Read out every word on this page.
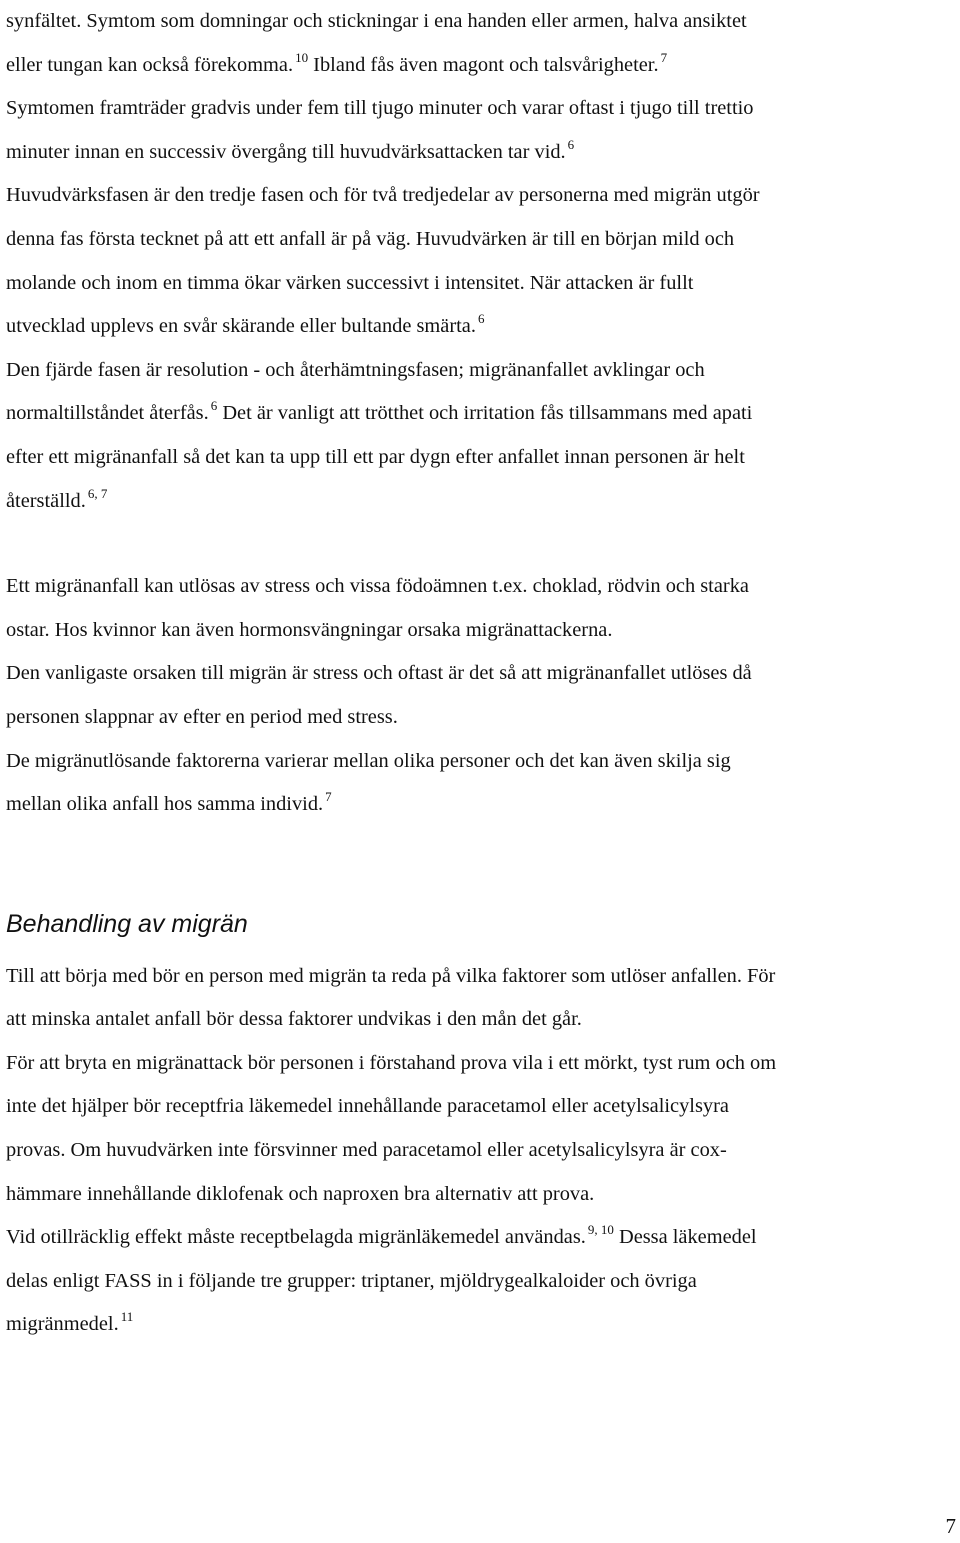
synfältet. Symtom som domningar och stickningar i ena handen eller armen, halva ansiktet
eller tungan kan också förekomma. $^{10}$ Ibland fås även magont och talsvårigheter. $^7$
Symtomen framträder gradvis under fem till tjugo minuter och varar oftast i tjugo till trettio
minuter innan en successiv övergång till huvudvärksattacken tar vid. $^6$
Huvudvärksfasen är den tredje fasen och för två tredjedelar av personerna med migrän utgör
denna fas första tecknet på att ett anfall är på väg. Huvudvärken är till en början mild och
molande och inom en timma ökar värken successivt i intensitet. När attacken är fullt
utvecklad upplevs en svår skärande eller bultande smärta. $^6$
Den fjärde fasen är resolution - och återhämtningsfasen; migränanfallet avklingar och
normaltillståndet återfås. $^6$ Det är vanligt att trötthet och irritation fås tillsammans med apati
efter ett migränanfall så det kan ta upp till ett par dygn efter anfallet innan personen är helt
återställd. $^{6, 7}$
Ett migränanfall kan utlösas av stress och vissa födoämnen t.ex. choklad, rödvin och starka
ostar. Hos kvinnor kan även hormonsvängningar orsaka migränattackerna.
Den vanligaste orsaken till migrän är stress och oftast är det så att migränanfallet utlöses då
personen slappnar av efter en period med stress.
De migränutlösande faktorerna varierar mellan olika personer och det kan även skilja sig
mellan olika anfall hos samma individ. $^7$
Behandling av migrän
Till att börja med bör en person med migrän ta reda på vilka faktorer som utlöser anfallen. För
att minska antalet anfall bör dessa faktorer undvikas i den mån det går.
För att bryta en migränattack bör personen i förstahand prova vila i ett mörkt, tyst rum och om
inte det hjälper bör receptfria läkemedel innehållande paracetamol eller acetylsalicylsyra
provas. Om huvudvärken inte försvinner med paracetamol eller acetylsalicylsyra är cox-
hämmare innehållande diklofenak och naproxen bra alternativ att prova.
Vid otillräcklig effekt måste receptbelagda migränläkemedel användas. $^{9, 10}$ Dessa läkemedel
delas enligt FASS in i följande tre grupper: triptaner, mjöldrygealkaloider och övriga
migränmedel. $^{11}$
7
